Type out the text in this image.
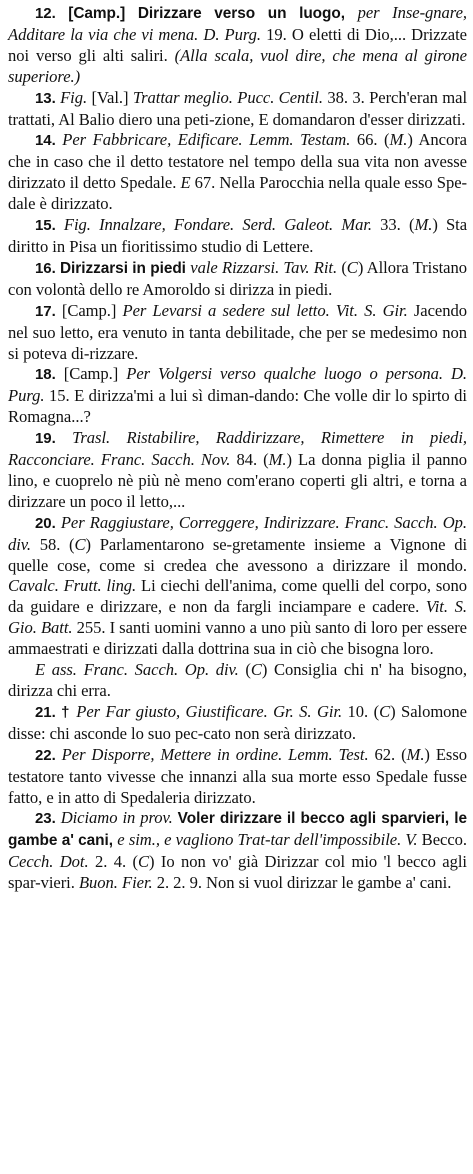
12. [Camp.] Dirizzare verso un luogo, per Inse-gnare, Additare la via che vi mena. D. Purg. 19. O eletti di Dio,... Drizzate noi verso gli alti saliri. (Alla scala, vuol dire, che mena al girone superiore.)

13. Fig. [Val.] Trattar meglio. Pucc. Centil. 38. 3. Perch'eran mal trattati, Al Balio diero una peti-zione, E domandaron d'esser dirizzati.

14. Per Fabbricare, Edificare. Lemm. Testam. 66. (M.) Ancora che in caso che il detto testatore nel tempo della sua vita non avesse dirizzato il detto Spedale. E 67. Nella Parocchia nella quale esso Spe-dale è dirizzato.

15. Fig. Innalzare, Fondare. Serd. Galeot. Mar. 33. (M.) Sta diritto in Pisa un fioritissimo studio di Lettere.

16. Dirizzarsi in piedi vale Rizzarsi. Tav. Rit. (C) Allora Tristano con volontà dello re Amoroldo si dirizza in piedi.

17. [Camp.] Per Levarsi a sedere sul letto. Vit. S. Gir. Jacendo nel suo letto, era venuto in tanta debilitade, che per se medesimo non si poteva di-rizzare.

18. [Camp.] Per Volgersi verso qualche luogo o persona. D. Purg. 15. E dirizza'mi a lui sì diman-dando: Che volle dir lo spirto di Romagna...?

19. Trasl. Ristabilire, Raddirizzare, Rimettere in piedi, Racconciare. Franc. Sacch. Nov. 84. (M.) La donna piglia il panno lino, e cuoprelo nè più nè meno com'erano coperti gli altri, e torna a dirizzare un poco il letto,...

20. Per Raggiustare, Correggere, Indirizzare. Franc. Sacch. Op. div. 58. (C) Parlamentarono se-gretamente insieme a Vignone di quelle cose, come si credea che avessono a dirizzare il mondo. Cavalc. Frutt. ling. Li ciechi dell'anima, come quelli del corpo, sono da guidare e dirizzare, e non da fargli inciampare e cadere. Vit. S. Gio. Batt. 255. I santi uomini vanno a uno più santo di loro per essere ammaestrati e dirizzati dalla dottrina sua in ciò che bisogna loro.

E ass. Franc. Sacch. Op. div. (C) Consiglia chi n' ha bisogno, dirizza chi erra.

21. † Per Far giusto, Giustificare. Gr. S. Gir. 10. (C) Salomone disse: chi asconde lo suo pec-cato non serà dirizzato.

22. Per Disporre, Mettere in ordine. Lemm. Test. 62. (M.) Esso testatore tanto vivesse che innanzi alla sua morte esso Spedale fusse fatto, e in atto di Spedaleria dirizzato.

23. Diciamo in prov. Voler dirizzare il becco agli sparvieri, le gambe a' cani, e sim., e vagliono Trat-tar dell'impossibile. V. Becco. Cecch. Dot. 2. 4. (C) Io non vo' già Dirizzar col mio 'l becco agli spar-vieri. Buon. Fier. 2. 2. 9. Non si vuol dirizzar le gambe a' cani.
